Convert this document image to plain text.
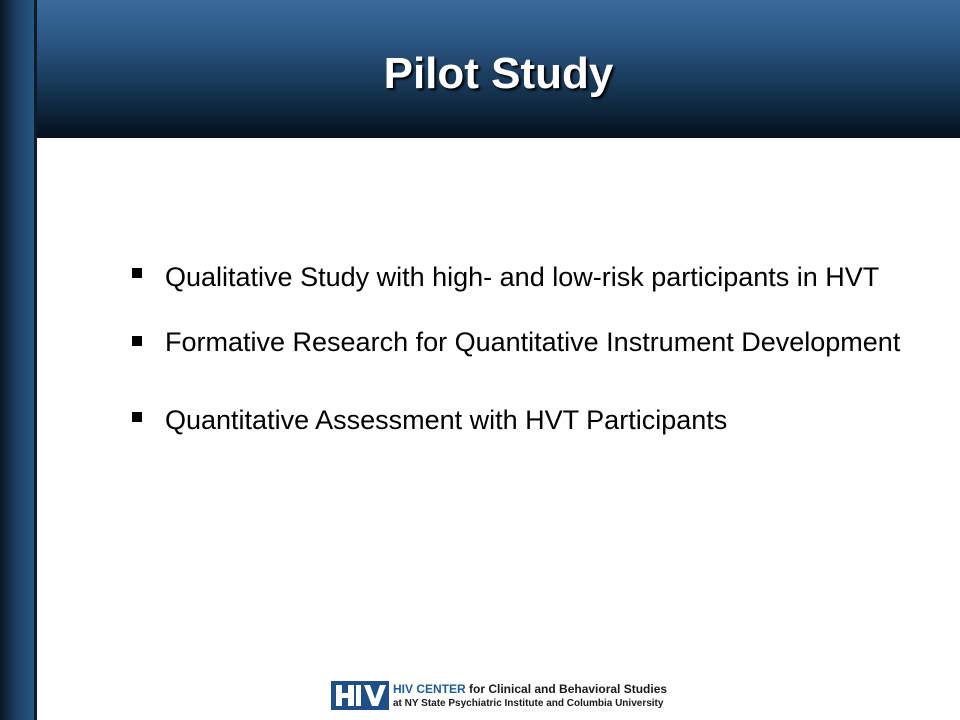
Pilot Study
Qualitative Study with high- and low-risk participants in HVT
Formative Research for Quantitative Instrument Development
Quantitative Assessment with HVT Participants
HIV CENTER for Clinical and Behavioral Studies
at NY State Psychiatric Institute and Columbia University
